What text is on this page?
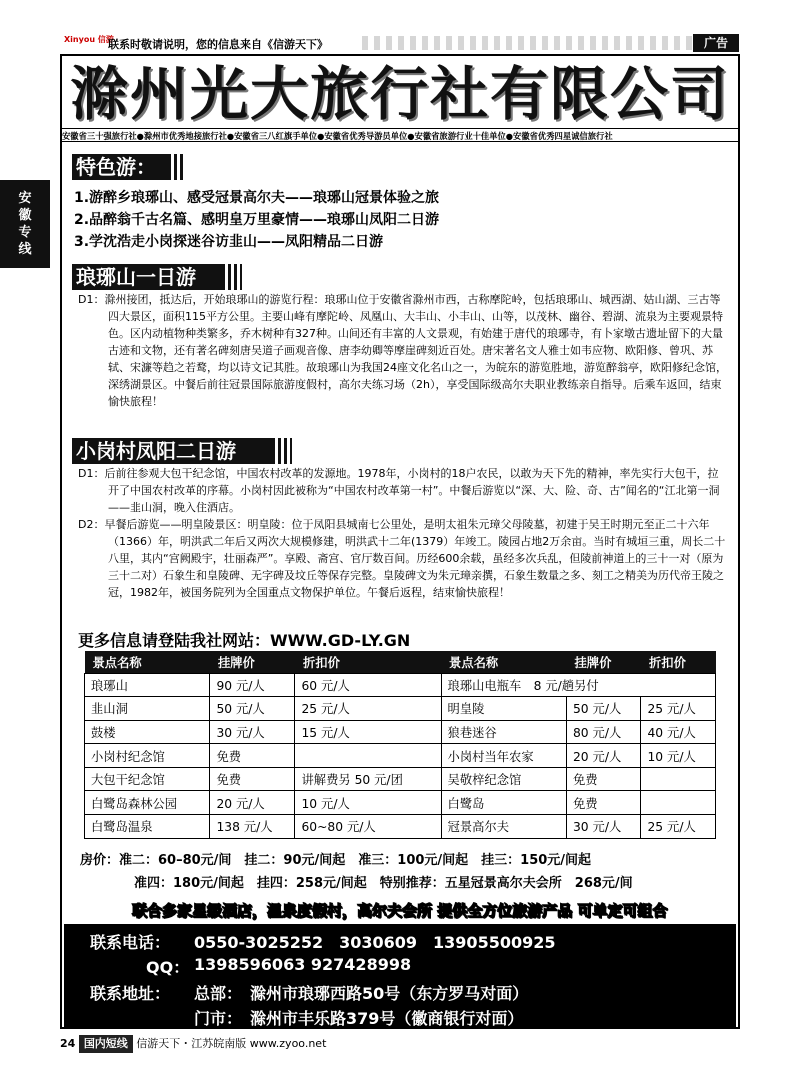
Xinyou 信游
联系时敬请说明，您的信息来自《信游天下》	广告
滁州光大旅行社有限公司
安徽省三十强旅行社●滁州市优秀地接旅行社●安徽省三八红旗手单位●安徽省优秀导游员单位●安徽省旅游行业十佳单位●安徽省优秀四星诚信旅行社
安
徽
专
线
特色游：
1.游醉乡琅琊山、感受冠景高尔夫——琅琊山冠景体验之旅
2.品醉翁千古名篇、感明皇万里豪情——琅琊山凤阳二日游
3.学沈浩走小岗探迷谷访韭山——凤阳精品二日游
琅琊山一日游
D1：滁州接团，抵达后，开始琅琊山的游览行程：琅琊山位于安徽省滁州市西，古称摩陀岭，包括琅琊山、城西湖、姑山湖、三古等四大景区，面积115平方公里。主要山峰有摩陀岭、凤凰山、大丰山、小丰山、山等，以茂林、幽谷、碧湖、流泉为主要观景特色。区内动植物种类繁多，乔木树种有327种。山间还有丰富的人文景观，有始建于唐代的琅琊寺，有卜家墩古遗址留下的大量古迹和文物，还有著名碑刻唐吴道子画观音像、唐李幼卿等摩崖碑刻近百处。唐宋著名文人雅士如韦应物、欧阳修、曾巩、苏轼、宋濂等趋之若鹜，均以诗文记其胜。故琅琊山为我国24座文化名山之一，为皖东的游览胜地，游览醉翁亭，欧阳修纪念馆，深绣湖景区。中餐后前往冠景国际旅游度假村，高尔夫练习场（2h），享受国际级高尔夫职业教练亲自指导。后乘车返回，结束愉快旅程！
小岗村凤阳二日游
D1：后前往参观大包干纪念馆，中国农村改革的发源地。1978年，小岗村的18户农民，以敢为天下先的精神，率先实行大包干，拉开了中国农村改革的序幕。小岗村因此被称为“中国农村改革第一村”。中餐后游览以“深、大、险、奇、古”闻名的“江北第一洞——韭山洞，晚入住酒店。
D2：早餐后游览——明皇陵景区：明皇陵：位于凤阳县城南七公里处，是明太祖朱元璋父母陵墓，初建于吴王时期元至正二十六年（1366）年，明洪武二年后又两次大规模修建，明洪武十二年(1379）年竣工。陵园占地2万余亩。当时有城垣三重，周长二十八里，其内“宫阙殿宇，壮丽森严”。享殿、斋宫、官厅数百间。历经600余载，虽经多次兵乱，但陵前神道上的三十一对（原为 三十二对）石象生和皇陵碑、无字碑及坟丘等保存完整。皇陵碑文为朱元璋亲撰，石象生数量之多、刻工之精美为历代帝王陵之冠，1982年，被国务院列为全国重点文物保护单位。午餐后返程，结束愉快旅程！
更多信息请登陆我社网站：WWW.GD-LY.GN
景点名称	挂牌价	折扣价	景点名称	挂牌价	折扣价
琅琊山	90 元/人	60 元/人	琅琊山电瓶车　8 元/趟另付		
韭山洞	50 元/人	25 元/人	明皇陵	50 元/人	25 元/人
鼓楼	30 元/人	15 元/人	狼巷迷谷	80 元/人	40 元/人
小岗村纪念馆	免费		小岗村当年农家	20 元/人	10 元/人
大包干纪念馆	免费	讲解费另 50 元/团	吴敬梓纪念馆	免费	
白鹭岛森林公园	20 元/人	10 元/人	白鹭岛	免费	
白鹭岛温泉	138 元/人	60~80 元/人	冠景高尔夫	30 元/人	25 元/人
房价：准二：60–80元/间　挂二：90元/间起　准三：100元/间起　挂三：150元/间起
准四：180元/间起　挂四：258元/间起　特别推荐：五星冠景高尔夫会所　268元/间
联合多家星级酒店，温泉度假村，高尔夫会所 提供全方位旅游产品 可单定可组合
联系电话： 0550-3025252　3030609　13905500925
QQ： 1398596063 927428998
联系地址： 总部：　滁州市琅琊西路50号（东方罗马对面）
门市：　滁州市丰乐路379号（徽商银行对面）
24 国内短线 信游天下・江苏皖南版 www.zyoo.net
